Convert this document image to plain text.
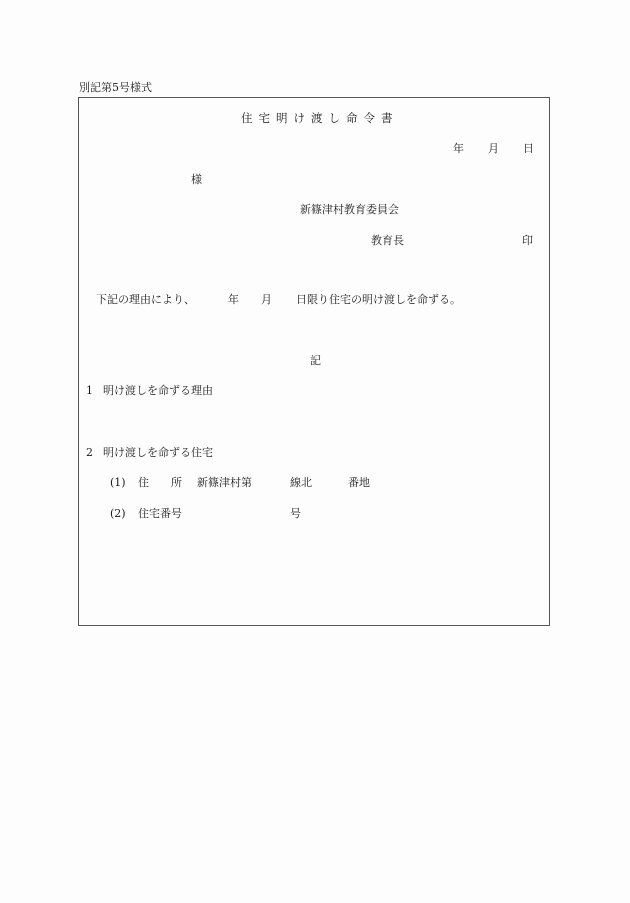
別記第5号様式
住宅明け渡し命令書
年 月 日
様
新篠津村教育委員会
教育長	印
下記の理由により、	年 月 日限り住宅の明け渡しを命ずる。
記
1 明け渡しを命ずる理由
2 明け渡しを命ずる住宅
(1) 住　　所 新篠津村第	線北	番地
(2) 住宅番号	号
